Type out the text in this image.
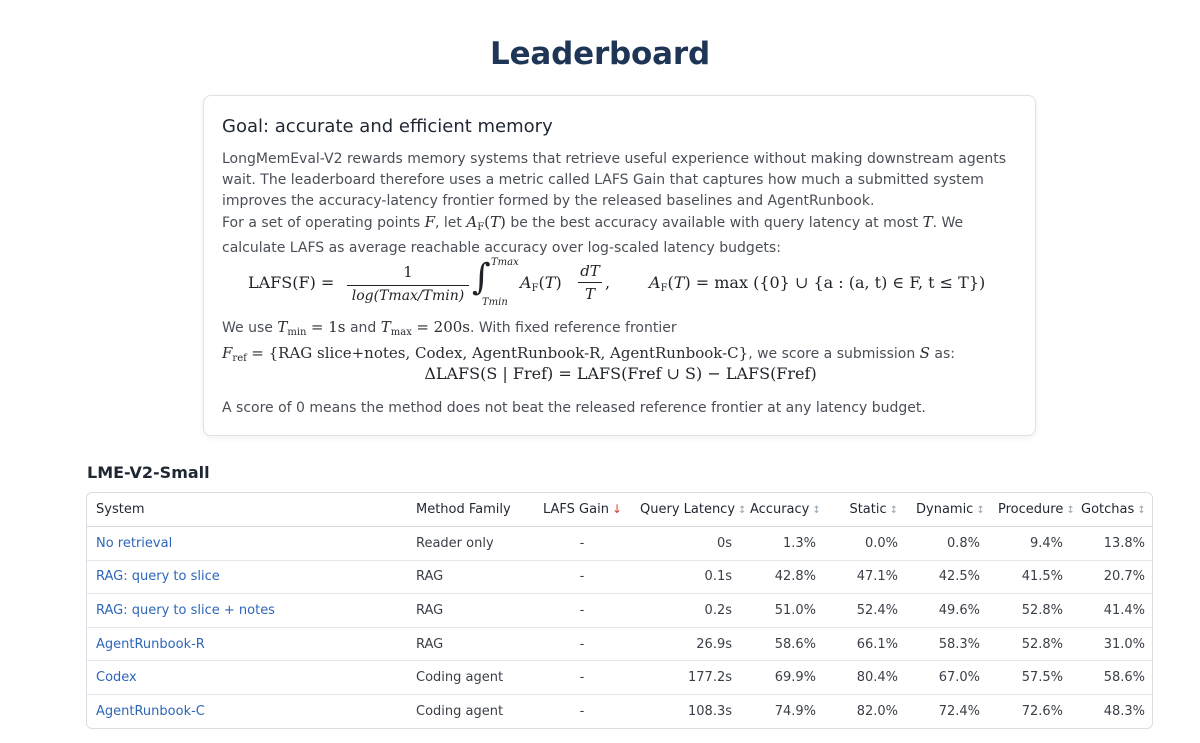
Leaderboard
Goal: accurate and efficient memory

LongMemEval-V2 rewards memory systems that retrieve useful experience without making downstream agents wait. The leaderboard therefore uses a metric called LAFS Gain that captures how much a submitted system improves the accuracy-latency frontier formed by the released baselines and AgentRunbook.

For a set of operating points F, let $A_F(T)$ be the best accuracy available with query latency at most T. We calculate LAFS as average reachable accuracy over log-scaled latency budgets:

LAFS(F) =
1
log(Tmax/Tmin) ∫ Tmax
Tmin
$A_F(T)$
dT
T
, $A_F(T) = \max (\{0\}$ ∪ {a : (a, t) ∈ F, t ≤ T})

We use $T_{min} = 1s$ and $T_{max} = 200s$. With fixed reference frontier
$F_{ref} = \{RAG$ slice+notes, Codex, AgentRunbook-R, AgentRunbook-C}, we score a submission S as:

ΔLAFS(S | Fref) = LAFS(Fref ∪ S) − LAFS(Fref)

A score of 0 means the method does not beat the released reference frontier at any latency budget.

LME-V2-Small
System	Method Family	LAFS Gain ↓	Query Latency ↕	Accuracy ↕	Static ↕	Dynamic ↕	Procedure ↕	Gotchas ↕
No retrieval	Reader only	-	0s	1.3%	0.0%	0.8%	9.4%	13.8%
RAG: query to slice	RAG	-	0.1s	42.8%	47.1%	42.5%	41.5%	20.7%
RAG: query to slice + notes	RAG	-	0.2s	51.0%	52.4%	49.6%	52.8%	41.4%
AgentRunbook-R	RAG	-	26.9s	58.6%	66.1%	58.3%	52.8%	31.0%
Codex	Coding agent	-	177.2s	69.9%	80.4%	67.0%	57.5%	58.6%
AgentRunbook-C	Coding agent	-	108.3s	74.9%	82.0%	72.4%	72.6%	48.3%
